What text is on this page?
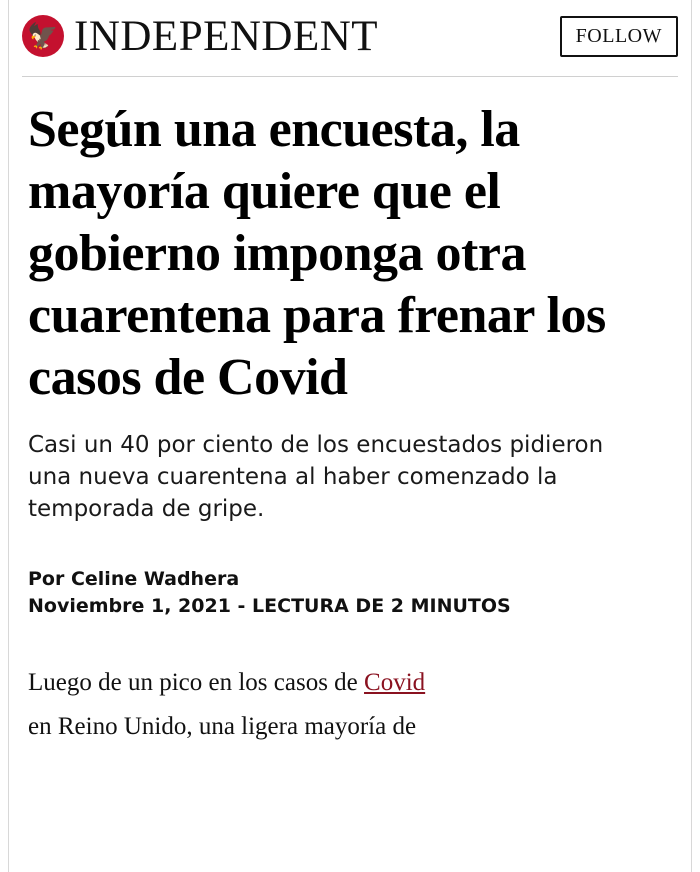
🦅 INDEPENDENT	FOLLOW
Según una encuesta, la mayoría quiere que el gobierno imponga otra cuarentena para frenar los casos de Covid

Casi un 40 por ciento de los encuestados pidieron una nueva cuarentena al haber comenzado la temporada de gripe.

Por Celine Wadhera
Noviembre 1, 2021 - LECTURA DE 2 MINUTOS
Luego de un pico en los casos de Covid
en Reino Unido, una ligera mayoría de
